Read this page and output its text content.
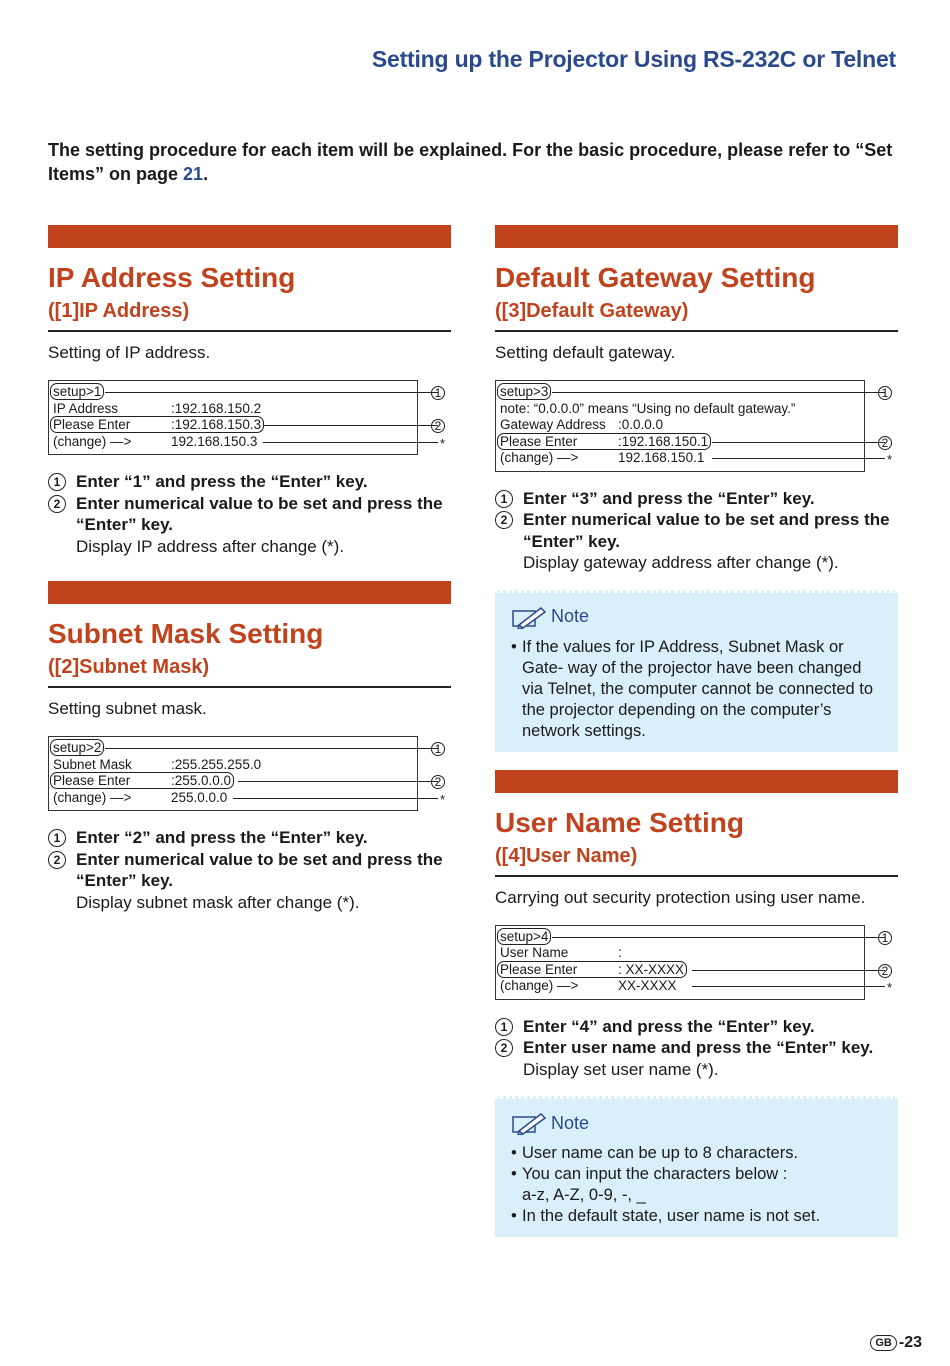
Setting up the Projector Using RS-232C or Telnet
The setting procedure for each item will be explained. For the basic procedure, please refer to “Set Items” on page 21.
IP Address Setting
([1]IP Address)
Setting of IP address.
setup>1	1
IP Address	:192.168.150.2
Please Enter	:192.168.150.3	2
(change) —>	192.168.150.3	*
1 Enter “1” and press the “Enter” key.
2 Enter numerical value to be set and press the “Enter” key.
Display IP address after change (*).
Subnet Mask Setting
([2]Subnet Mask)
Setting subnet mask.
setup>2	1
Subnet Mask	:255.255.255.0
Please Enter	:255.0.0.0	2
(change) —>	255.0.0.0	*
1 Enter “2” and press the “Enter” key.
2 Enter numerical value to be set and press the “Enter” key.
Display subnet mask after change (*).
Default Gateway Setting
([3]Default Gateway)
Setting default gateway.
setup>3	1
note: “0.0.0.0” means “Using no default gateway.”
Gateway Address :0.0.0.0
Please Enter	:192.168.150.1	2
(change) —>	192.168.150.1	*
1 Enter “3” and press the “Enter” key.
2 Enter numerical value to be set and press the “Enter” key.
Display gateway address after change (*).
Note
• If the values for IP Address, Subnet Mask or Gate- way of the projector have been changed via Telnet, the computer cannot be connected to the projector depending on the computer’s network settings.
User Name Setting
([4]User Name)
Carrying out security protection using user name.
setup>4	1
User Name	:
Please Enter	: XX-XXXX	2
(change) —>	XX-XXXX	*
1 Enter “4” and press the “Enter” key.
2 Enter user name and press the “Enter” key.
Display set user name (*).
Note
• User name can be up to 8 characters.
• You can input the characters below :
a-z, A-Z, 0-9, -, _
• In the default state, user name is not set.
GB -23
